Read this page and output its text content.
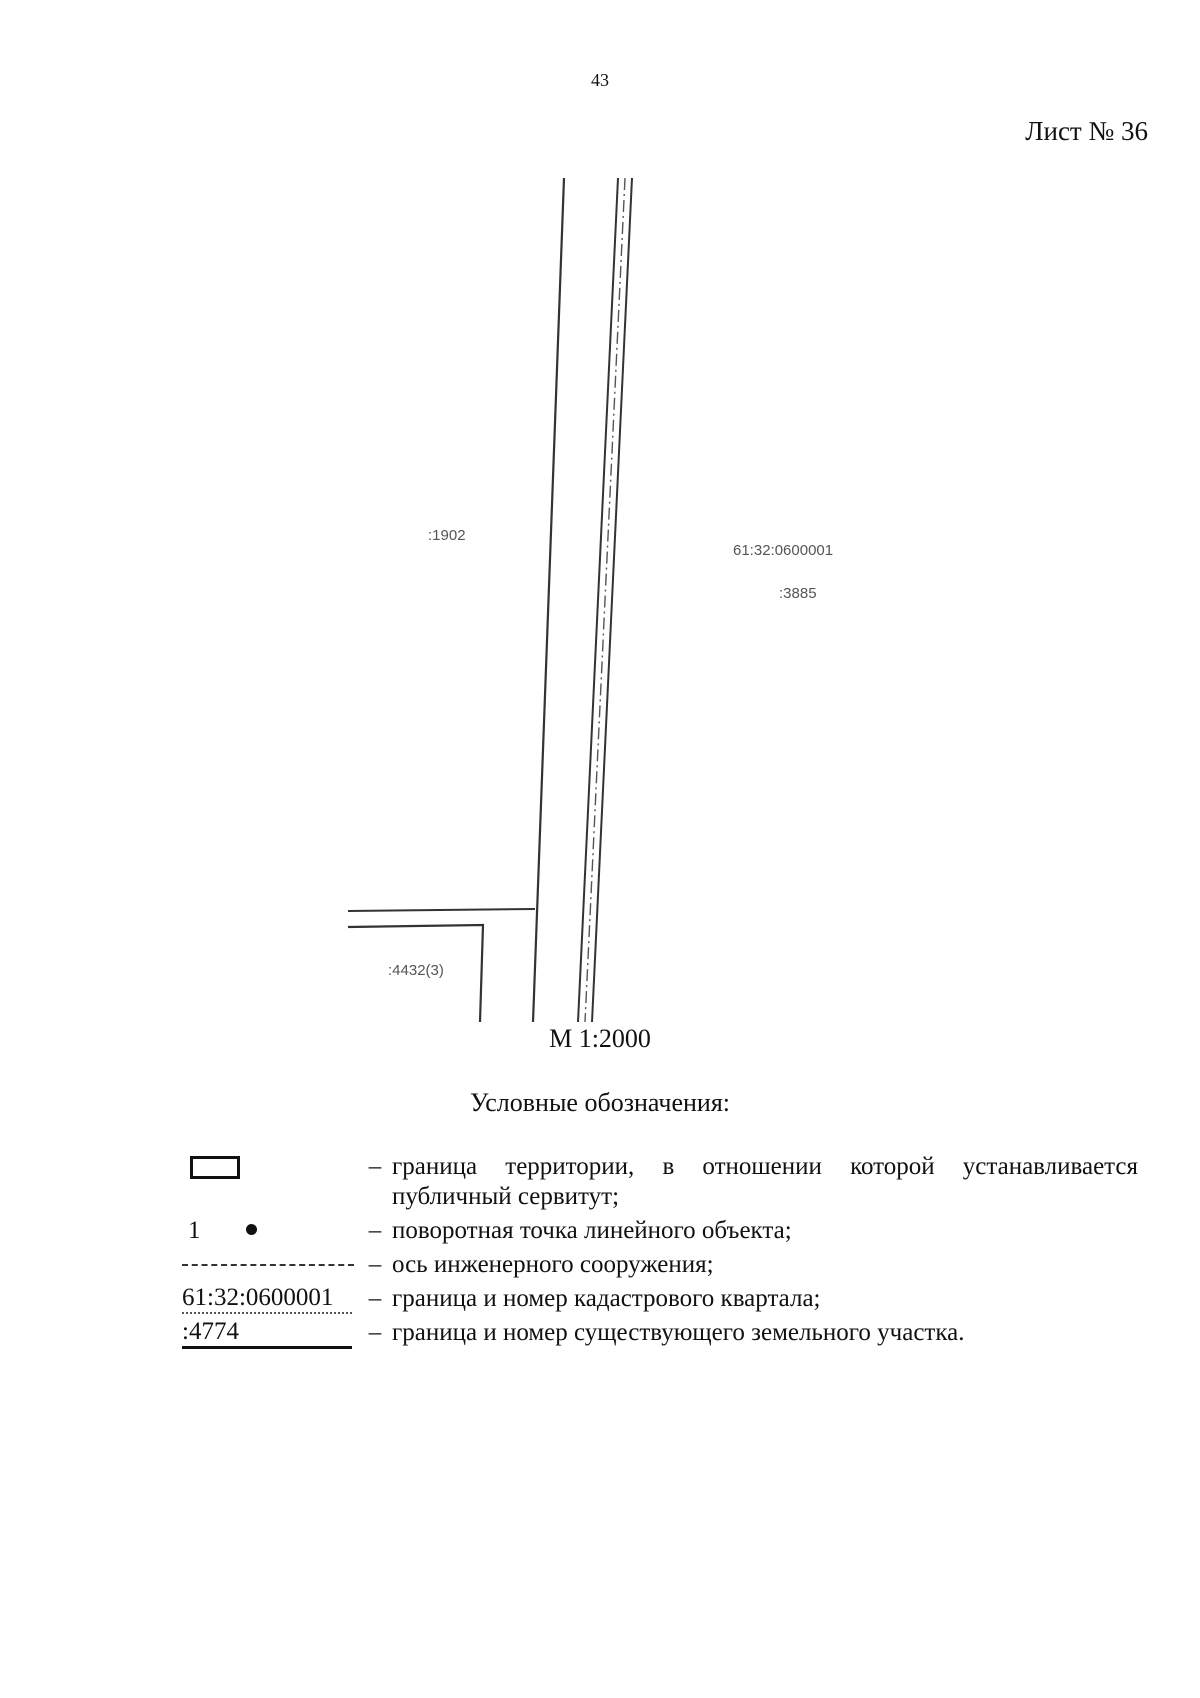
43
Лист № 36
:1902
61:32:0600001
:3885
:4432(3)
М 1:2000
Условные обозначения:
– граница территории, в отношении которой устанавливается публичный сервитут;
1	– поворотная точка линейного объекта;
– ось инженерного сооружения;
61:32:0600001	– граница и номер кадастрового квартала;
:4774	– граница и номер существующего земельного участка.
